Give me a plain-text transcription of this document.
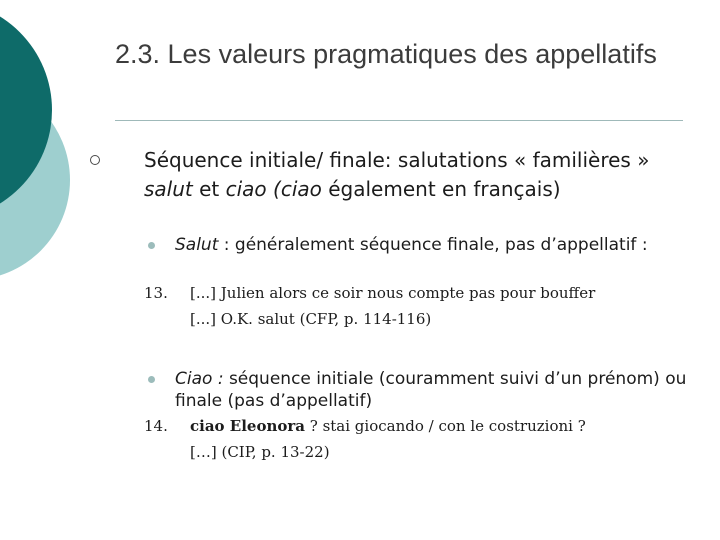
2.3. Les valeurs pragmatiques des appellatifs
Séquence initiale/ finale: salutations « familières » salut et ciao (ciao également en français)
Salut : généralement séquence finale, pas d’appellatif :
13. [...] Julien alors ce soir nous compte pas pour bouffer
[...] O.K. salut (CFP, p. 114-116)
Ciao : séquence initiale (couramment suivi d’un prénom) ou finale (pas d’appellatif)
14. ciao Eleonora ? stai giocando / con le costruzioni ?
[…] (CIP, p. 13-22)
